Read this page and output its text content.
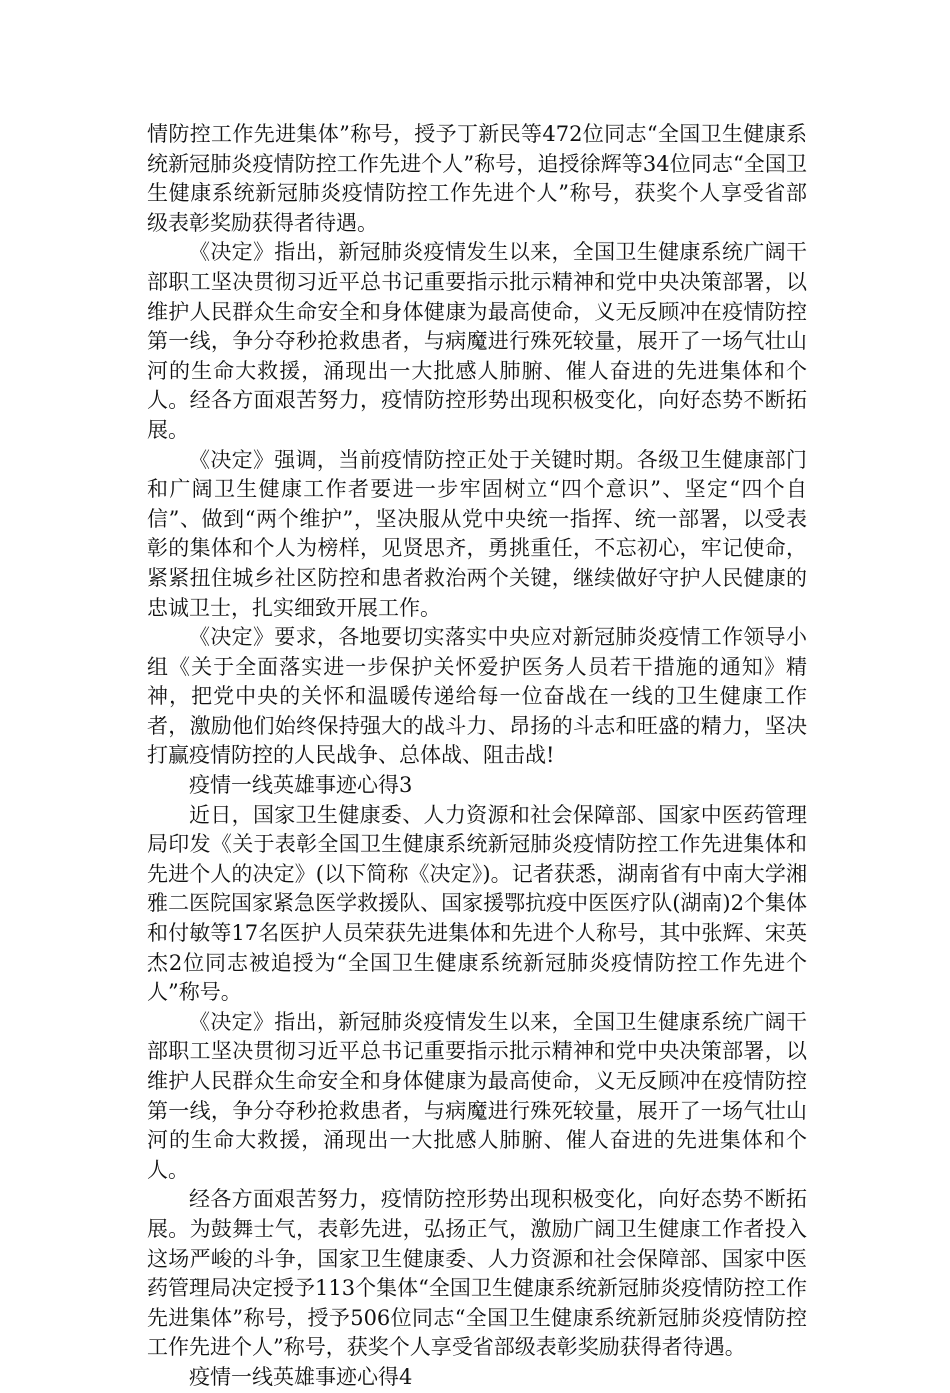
情防控工作先进集体”称号，授予丁新民等472位同志“全国卫生健康系统新冠肺炎疫情防控工作先进个人”称号，追授徐辉等34位同志“全国卫生健康系统新冠肺炎疫情防控工作先进个人”称号，获奖个人享受省部级表彰奖励获得者待遇。

《决定》指出，新冠肺炎疫情发生以来，全国卫生健康系统广阔干部职工坚决贯彻习近平总书记重要指示批示精神和党中央决策部署，以维护人民群众生命安全和身体健康为最高使命，义无反顾冲在疫情防控第一线，争分夺秒抢救患者，与病魔进行殊死较量，展开了一场气壮山河的生命大救援，涌现出一大批感人肺腑、催人奋进的先进集体和个人。经各方面艰苦努力，疫情防控形势出现积极变化，向好态势不断拓展。

《决定》强调，当前疫情防控正处于关键时期。各级卫生健康部门和广阔卫生健康工作者要进一步牢固树立“四个意识”、坚定“四个自信”、做到“两个维护”，坚决服从党中央统一指挥、统一部署，以受表彰的集体和个人为榜样，见贤思齐，勇挑重任，不忘初心，牢记使命，紧紧扭住城乡社区防控和患者救治两个关键，继续做好守护人民健康的忠诚卫士，扎实细致开展工作。

《决定》要求，各地要切实落实中央应对新冠肺炎疫情工作领导小组《关于全面落实进一步保护关怀爱护医务人员若干措施的通知》精神，把党中央的关怀和温暖传递给每一位奋战在一线的卫生健康工作者，激励他们始终保持强大的战斗力、昂扬的斗志和旺盛的精力，坚决打赢疫情防控的人民战争、总体战、阻击战!

疫情一线英雄事迹心得3

近日，国家卫生健康委、人力资源和社会保障部、国家中医药管理局印发《关于表彰全国卫生健康系统新冠肺炎疫情防控工作先进集体和先进个人的决定》(以下简称《决定》)。记者获悉，湖南省有中南大学湘雅二医院国家紧急医学救援队、国家援鄂抗疫中医医疗队(湖南)2个集体和付敏等17名医护人员荣获先进集体和先进个人称号，其中张辉、宋英杰2位同志被追授为“全国卫生健康系统新冠肺炎疫情防控工作先进个人”称号。

《决定》指出，新冠肺炎疫情发生以来，全国卫生健康系统广阔干部职工坚决贯彻习近平总书记重要指示批示精神和党中央决策部署，以维护人民群众生命安全和身体健康为最高使命，义无反顾冲在疫情防控第一线，争分夺秒抢救患者，与病魔进行殊死较量，展开了一场气壮山河的生命大救援，涌现出一大批感人肺腑、催人奋进的先进集体和个人。

经各方面艰苦努力，疫情防控形势出现积极变化，向好态势不断拓展。为鼓舞士气，表彰先进，弘扬正气，激励广阔卫生健康工作者投入这场严峻的斗争，国家卫生健康委、人力资源和社会保障部、国家中医药管理局决定授予113个集体“全国卫生健康系统新冠肺炎疫情防控工作先进集体”称号，授予506位同志“全国卫生健康系统新冠肺炎疫情防控工作先进个人”称号，获奖个人享受省部级表彰奖励获得者待遇。

疫情一线英雄事迹心得4
